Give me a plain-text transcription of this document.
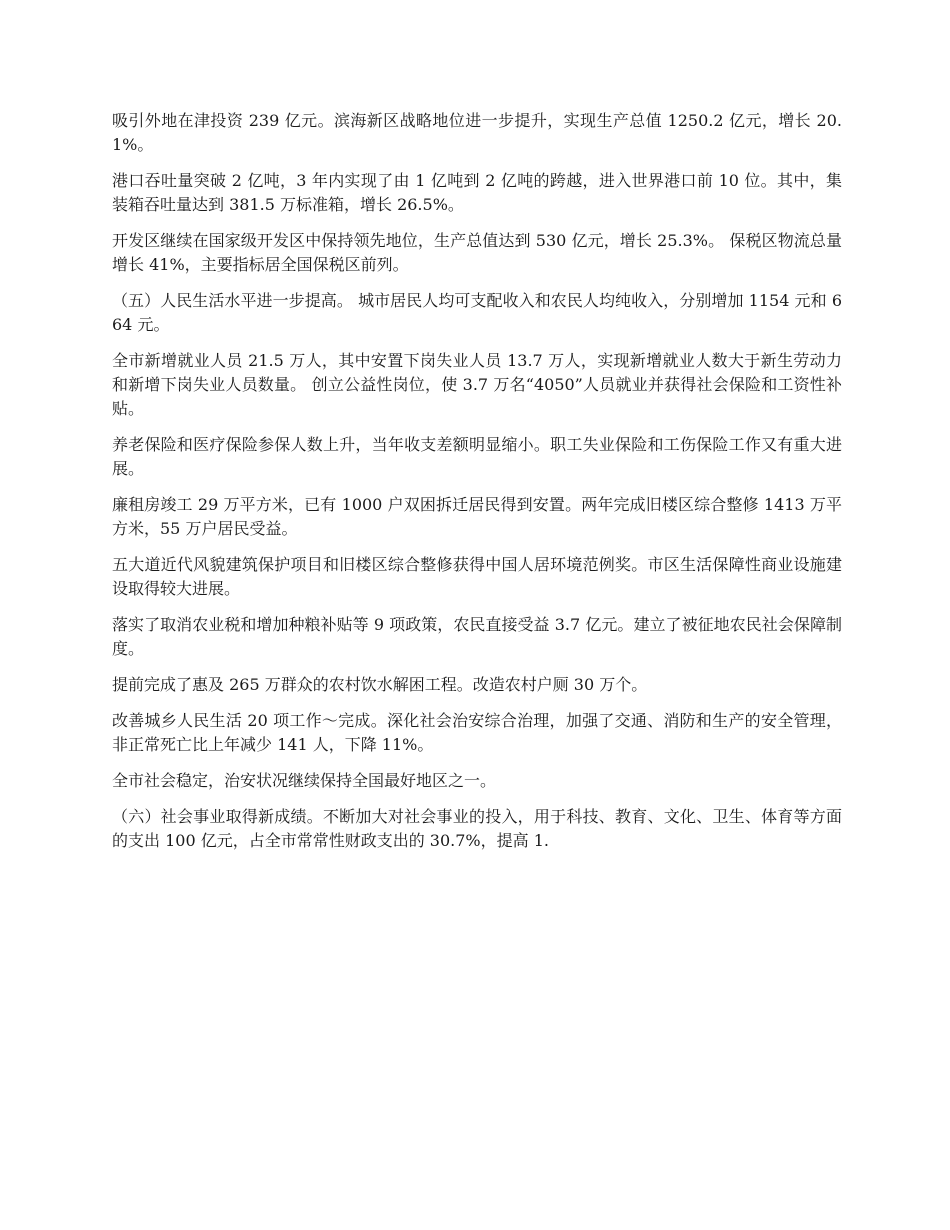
吸引外地在津投资 239 亿元。滨海新区战略地位进一步提升，实现生产总值 1250.2 亿元，增长 20.1%。

港口吞吐量突破 2 亿吨，3 年内实现了由 1 亿吨到 2 亿吨的跨越，进入世界港口前 10 位。其中，集装箱吞吐量达到 381.5 万标准箱，增长 26.5%。

开发区继续在国家级开发区中保持领先地位，生产总值达到 530 亿元，增长 25.3%。 保税区物流总量增长 41%，主要指标居全国保税区前列。

（五）人民生活水平进一步提高。 城市居民人均可支配收入和农民人均纯收入，分别增加 1154 元和 664 元。

全市新增就业人员 21.5 万人，其中安置下岗失业人员 13.7 万人，实现新增就业人数大于新生劳动力和新增下岗失业人员数量。 创立公益性岗位，使 3.7 万名“4050”人员就业并获得社会保险和工资性补贴。

养老保险和医疗保险参保人数上升，当年收支差额明显缩小。职工失业保险和工伤保险工作又有重大进展。

廉租房竣工 29 万平方米，已有 1000 户双困拆迁居民得到安置。两年完成旧楼区综合整修 1413 万平方米，55 万户居民受益。

五大道近代风貌建筑保护项目和旧楼区综合整修获得中国人居环境范例奖。市区生活保障性商业设施建设取得较大进展。

落实了取消农业税和增加种粮补贴等 9 项政策，农民直接受益 3.7 亿元。建立了被征地农民社会保障制度。

提前完成了惠及 265 万群众的农村饮水解困工程。改造农村户厕 30 万个。

改善城乡人民生活 20 项工作～完成。深化社会治安综合治理，加强了交通、消防和生产的安全管理，非正常死亡比上年减少 141 人，下降 11%。

全市社会稳定，治安状况继续保持全国最好地区之一。

（六）社会事业取得新成绩。不断加大对社会事业的投入，用于科技、教育、文化、卫生、体育等方面的支出 100 亿元，占全市常常性财政支出的 30.7%，提高 1.
